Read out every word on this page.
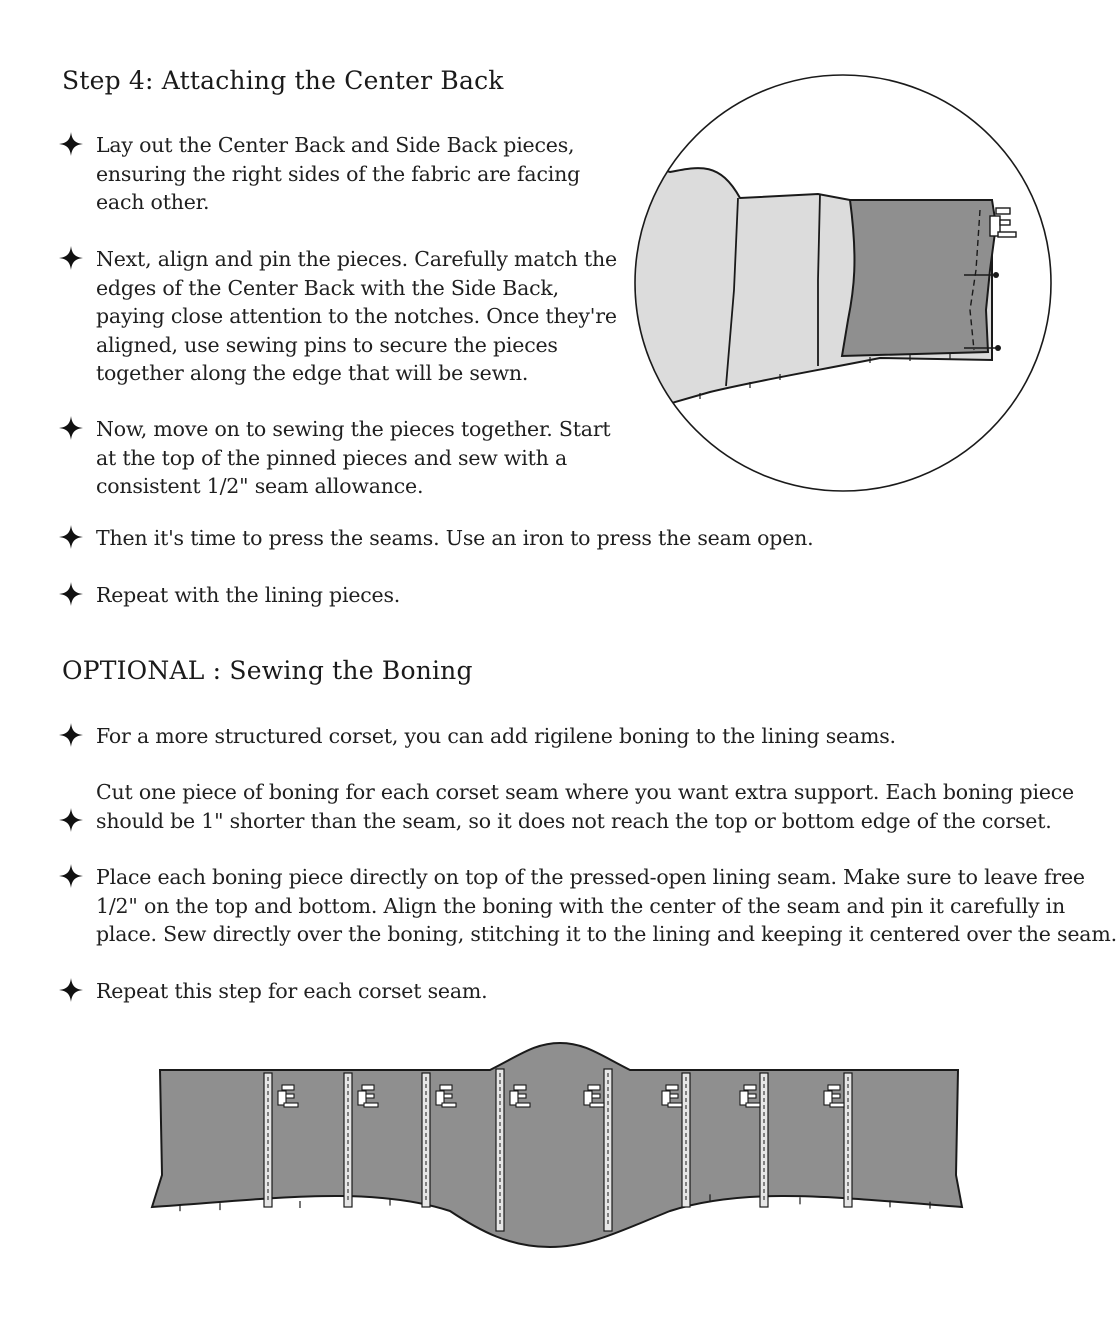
Step 4: Attaching the Center Back
Lay out the Center Back and Side Back pieces,
ensuring the right sides of the fabric are facing
each other.
Next, align and pin the pieces. Carefully match the
edges of the Center Back with the Side Back,
paying close attention to the notches. Once they're
aligned, use sewing pins to secure the pieces
together along the edge that will be sewn.
Now, move on to sewing the pieces together. Start
at the top of the pinned pieces and sew with a
consistent 1/2" seam allowance.
Then it's time to press the seams. Use an iron to press the seam open.
Repeat with the lining pieces.
OPTIONAL : Sewing the Boning
For a more structured corset, you can add rigilene boning to the lining seams.
Cut one piece of boning for each corset seam where you want extra support. Each boning piece
should be 1" shorter than the seam, so it does not reach the top or bottom edge of the corset.
Place each boning piece directly on top of the pressed-open lining seam. Make sure to leave free
1/2" on the top and bottom. Align the boning with the center of the seam and pin it carefully in
place. Sew directly over the boning, stitching it to the lining and keeping it centered over the seam.
Repeat this step for each corset seam.
